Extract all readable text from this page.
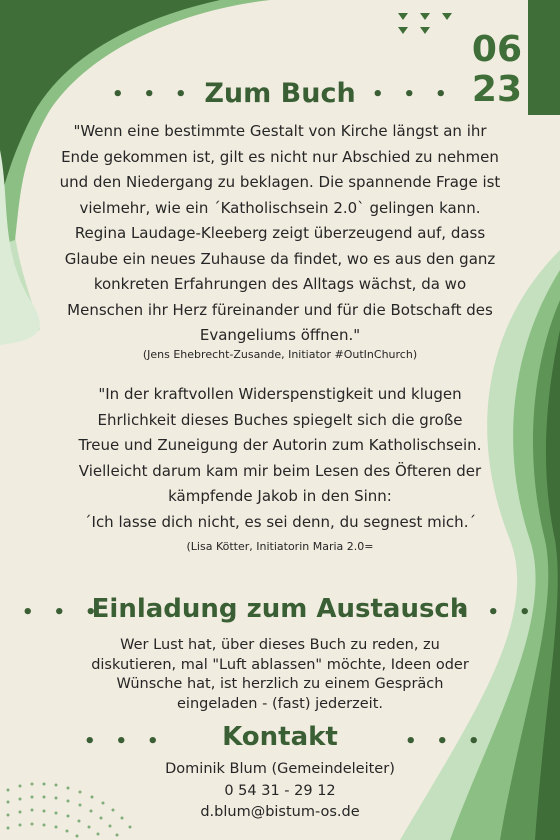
06
23
•••
Zum Buch •••
"Wenn eine bestimmte Gestalt von Kirche längst an ihr
Ende gekommen ist, gilt es nicht nur Abschied zu nehmen
und den Niedergang zu beklagen. Die spannende Frage ist
vielmehr, wie ein ´Katholischsein 2.0` gelingen kann.
Regina Laudage-Kleeberg zeigt überzeugend auf, dass
Glaube ein neues Zuhause da findet, wo es aus den ganz
konkreten Erfahrungen des Alltags wächst, da wo
Menschen ihr Herz füreinander und für die Botschaft des
Evangeliums öffnen."
(Jens Ehebrecht-Zusande, Initiator #OutInChurch)
"In der kraftvollen Widerspenstigkeit und klugen
Ehrlichkeit dieses Buches spiegelt sich die große
Treue und Zuneigung der Autorin zum Katholischsein.
Vielleicht darum kam mir beim Lesen des Öfteren der
kämpfende Jakob in den Sinn:
´Ich lasse dich nicht, es sei denn, du segnest mich.´
(Lisa Kötter, Initiatorin Maria 2.0=
•••
Einladung zum Austausch
•••
Wer Lust hat, über dieses Buch zu reden, zu
diskutieren, mal "Luft ablassen" möchte, Ideen oder
Wünsche hat, ist herzlich zu einem Gespräch
eingeladen - (fast) jederzeit.
•••	Kontakt	•••
Dominik Blum (Gemeindeleiter)
0 54 31 - 29 12
d.blum@bistum-os.de
